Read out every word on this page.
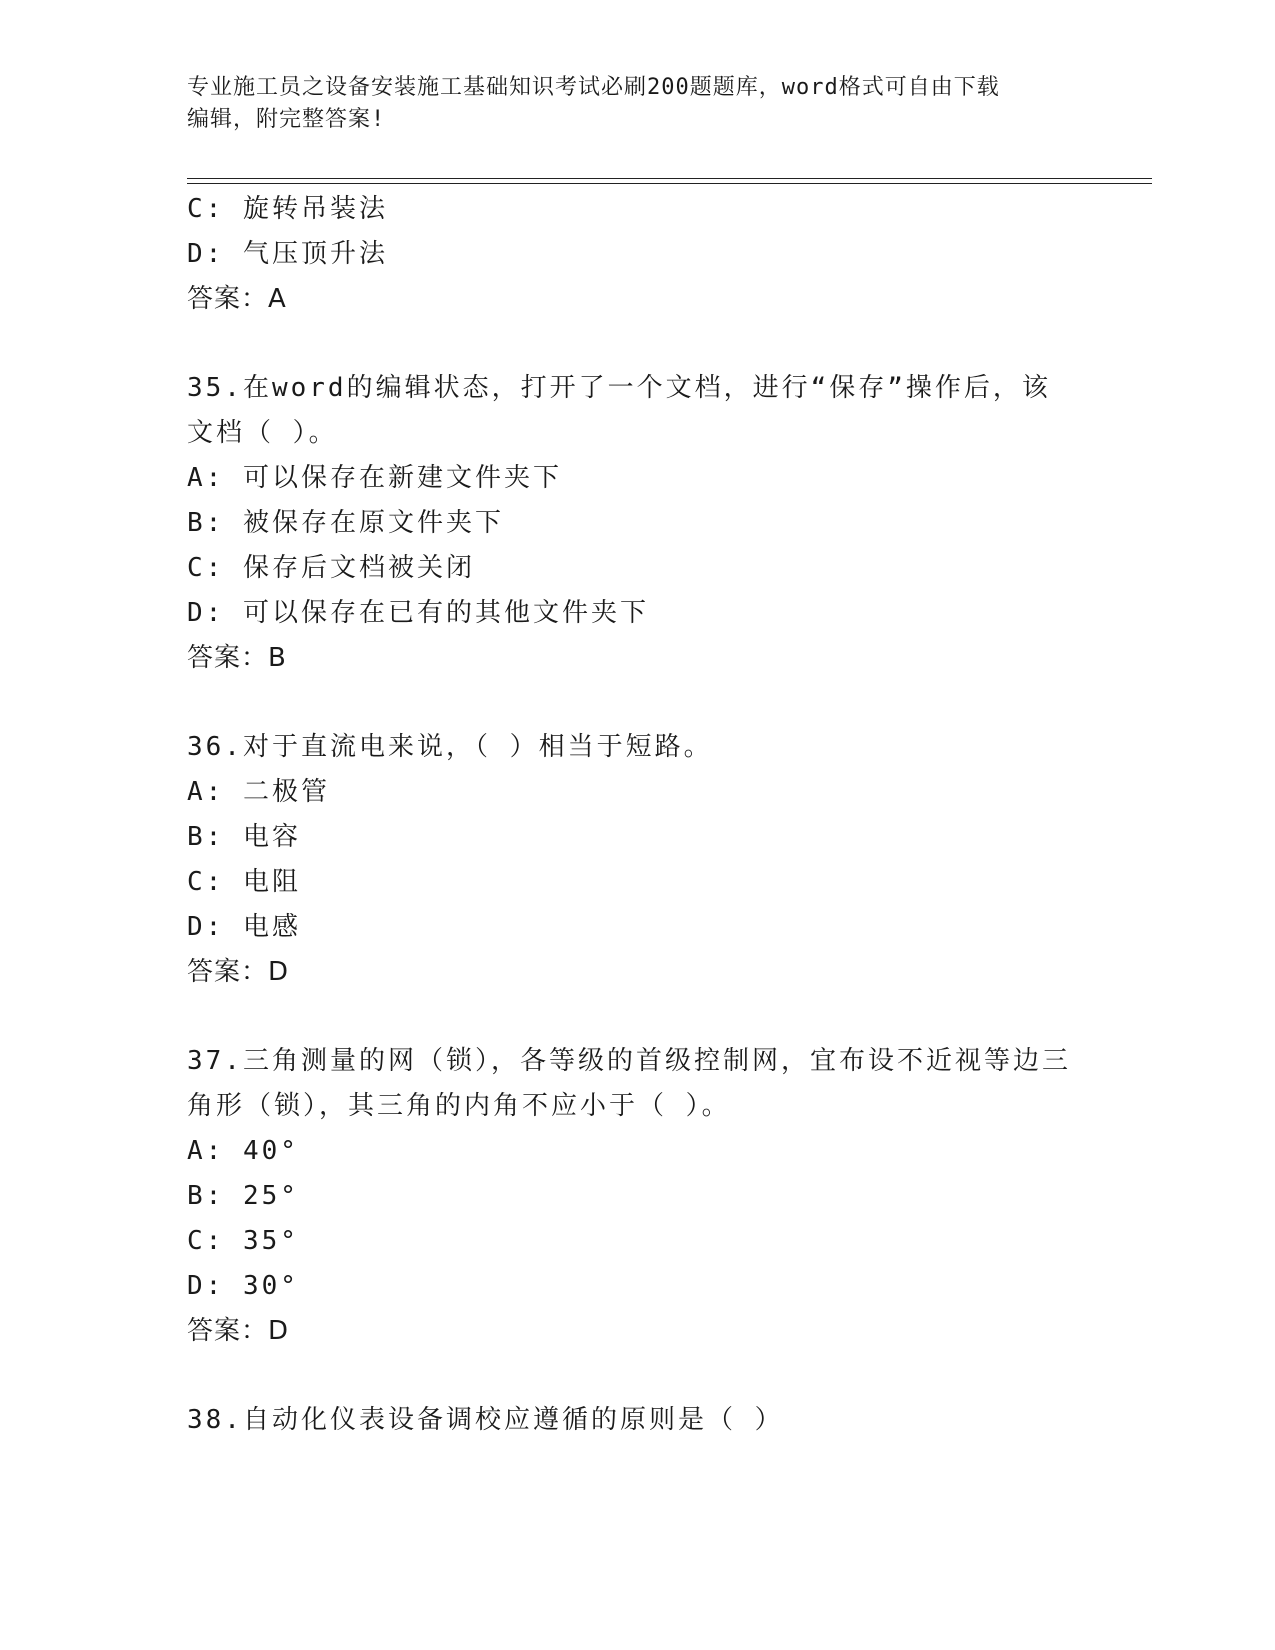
专业施工员之设备安装施工基础知识考试必刷200题题库，word格式可自由下载
编辑，附完整答案!
C: 旋转吊装法
D: 气压顶升法
答案：A
35.在word的编辑状态，打开了一个文档，进行“保存”操作后，该
文档（ ）。
A: 可以保存在新建文件夹下
B: 被保存在原文件夹下
C: 保存后文档被关闭
D: 可以保存在已有的其他文件夹下
答案：B
36.对于直流电来说，（ ）相当于短路。
A: 二极管
B: 电容
C: 电阻
D: 电感
答案：D
37.三角测量的网（锁），各等级的首级控制网，宜布设不近视等边三
角形（锁），其三角的内角不应小于（ ）。
A: 40°
B: 25°
C: 35°
D: 30°
答案：D
38.自动化仪表设备调校应遵循的原则是（ ）
